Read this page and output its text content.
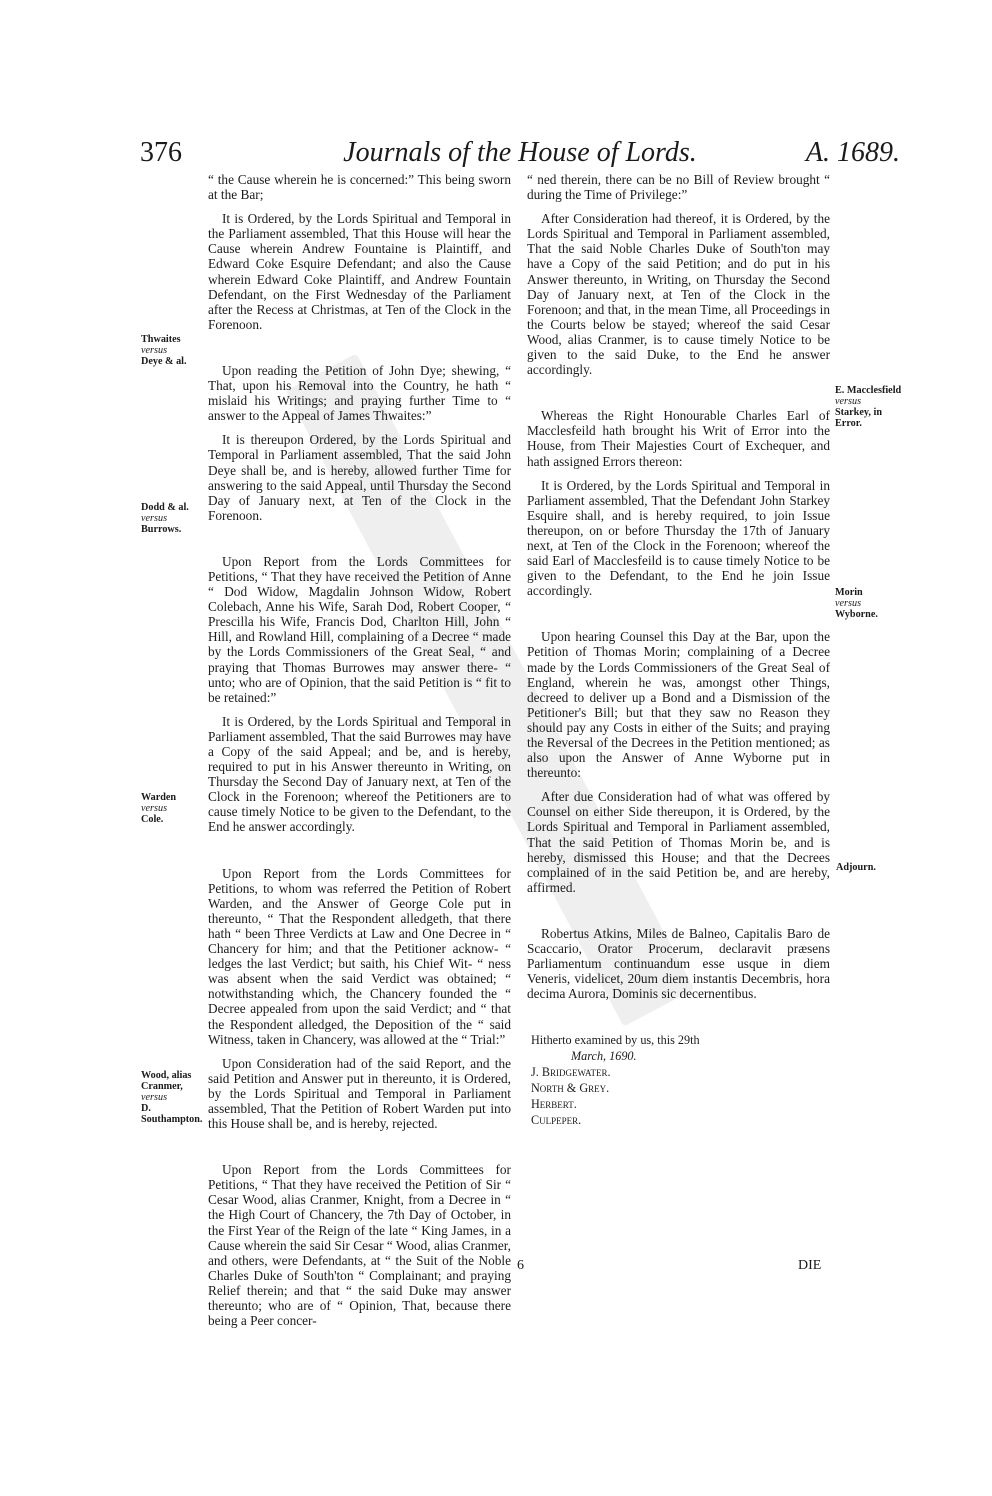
376	Journals of the House of Lords.	A. 1689.
Thwaites
versus
Deye & al.
Dodd & al.
versus
Burrows.
Warden
versus
Cole.
Wood, alias Cranmer,
versus
D. Southampton.
E. Macclesfield
versus
Starkey, in Error.
Morin
versus
Wyborne.
Adjourn.

“ the Cause wherein he is concerned:” This being sworn at the Bar;

It is Ordered, by the Lords Spiritual and Temporal in the Parliament assembled, That this House will hear the Cause wherein Andrew Fountaine is Plaintiff, and Edward Coke Esquire Defendant; and also the Cause wherein Edward Coke Plaintiff, and Andrew Fountain Defendant, on the First Wednesday of the Parliament after the Recess at Christmas, at Ten of the Clock in the Forenoon.

Upon reading the Petition of John Dye; shewing, “ That, upon his Removal into the Country, he hath “ mislaid his Writings; and praying further Time to “ answer to the Appeal of James Thwaites:”

It is thereupon Ordered, by the Lords Spiritual and Temporal in Parliament assembled, That the said John Deye shall be, and is hereby, allowed further Time for answering to the said Appeal, until Thursday the Second Day of January next, at Ten of the Clock in the Forenoon.

Upon Report from the Lords Committees for Petitions, “ That they have received the Petition of Anne “ Dod Widow, Magdalin Johnson Widow, Robert Colebach, Anne his Wife, Sarah Dod, Robert Cooper, “ Prescilla his Wife, Francis Dod, Charlton Hill, John “ Hill, and Rowland Hill, complaining of a Decree “ made by the Lords Commissioners of the Great Seal, “ and praying that Thomas Burrowes may answer there- “ unto; who are of Opinion, that the said Petition is “ fit to be retained:”

It is Ordered, by the Lords Spiritual and Temporal in Parliament assembled, That the said Burrowes may have a Copy of the said Appeal; and be, and is hereby, required to put in his Answer thereunto in Writing, on Thursday the Second Day of January next, at Ten of the Clock in the Forenoon; whereof the Petitioners are to cause timely Notice to be given to the Defendant, to the End he answer accordingly.

Upon Report from the Lords Committees for Petitions, to whom was referred the Petition of Robert Warden, and the Answer of George Cole put in thereunto, “ That the Respondent alledgeth, that there hath “ been Three Verdicts at Law and One Decree in “ Chancery for him; and that the Petitioner acknow- “ ledges the last Verdict; but saith, his Chief Wit- “ ness was absent when the said Verdict was obtained; “ notwithstanding which, the Chancery founded the “ Decree appealed from upon the said Verdict; and “ that the Respondent alledged, the Deposition of the “ said Witness, taken in Chancery, was allowed at the “ Trial:”

Upon Consideration had of the said Report, and the said Petition and Answer put in thereunto, it is Ordered, by the Lords Spiritual and Temporal in Parliament assembled, That the Petition of Robert Warden put into this House shall be, and is hereby, rejected.

Upon Report from the Lords Committees for Petitions, “ That they have received the Petition of Sir “ Cesar Wood, alias Cranmer, Knight, from a Decree in “ the High Court of Chancery, the 7th Day of October, in the First Year of the Reign of the late “ King James, in a Cause wherein the said Sir Cesar “ Wood, alias Cranmer, and others, were Defendants, at “ the Suit of the Noble Charles Duke of South'ton “ Complainant; and praying Relief therein; and that “ the said Duke may answer thereunto; who are of “ Opinion, That, because there being a Peer concer-

“ ned therein, there can be no Bill of Review brought “ during the Time of Privilege:”

After Consideration had thereof, it is Ordered, by the Lords Spiritual and Temporal in Parliament assembled, That the said Noble Charles Duke of South'ton may have a Copy of the said Petition; and do put in his Answer thereunto, in Writing, on Thursday the Second Day of January next, at Ten of the Clock in the Forenoon; and that, in the mean Time, all Proceedings in the Courts below be stayed; whereof the said Cesar Wood, alias Cranmer, is to cause timely Notice to be given to the said Duke, to the End he answer accordingly.

Whereas the Right Honourable Charles Earl of Macclesfeild hath brought his Writ of Error into the House, from Their Majesties Court of Exchequer, and hath assigned Errors thereon:

It is Ordered, by the Lords Spiritual and Temporal in Parliament assembled, That the Defendant John Starkey Esquire shall, and is hereby required, to join Issue thereupon, on or before Thursday the 17th of January next, at Ten of the Clock in the Forenoon; whereof the said Earl of Macclesfeild is to cause timely Notice to be given to the Defendant, to the End he join Issue accordingly.

Upon hearing Counsel this Day at the Bar, upon the Petition of Thomas Morin; complaining of a Decree made by the Lords Commissioners of the Great Seal of England, wherein he was, amongst other Things, decreed to deliver up a Bond and a Dismission of the Petitioner's Bill; but that they saw no Reason they should pay any Costs in either of the Suits; and praying the Reversal of the Decrees in the Petition mentioned; as also upon the Answer of Anne Wyborne put in thereunto:

After due Consideration had of what was offered by Counsel on either Side thereupon, it is Ordered, by the Lords Spiritual and Temporal in Parliament assembled, That the said Petition of Thomas Morin be, and is hereby, dismissed this House; and that the Decrees complained of in the said Petition be, and are hereby, affirmed.

Robertus Atkins, Miles de Balneo, Capitalis Baro de Scaccario, Orator Procerum, declaravit præsens Parliamentum continuandum esse usque in diem Veneris, videlicet, 20um diem instantis Decembris, hora decima Aurora, Dominis sic decernentibus.

Hitherto examined by us, this 29th
March, 1690.
J. Bridgewater.
North & Grey.
Herbert.
Culpeper.
6	DIE
